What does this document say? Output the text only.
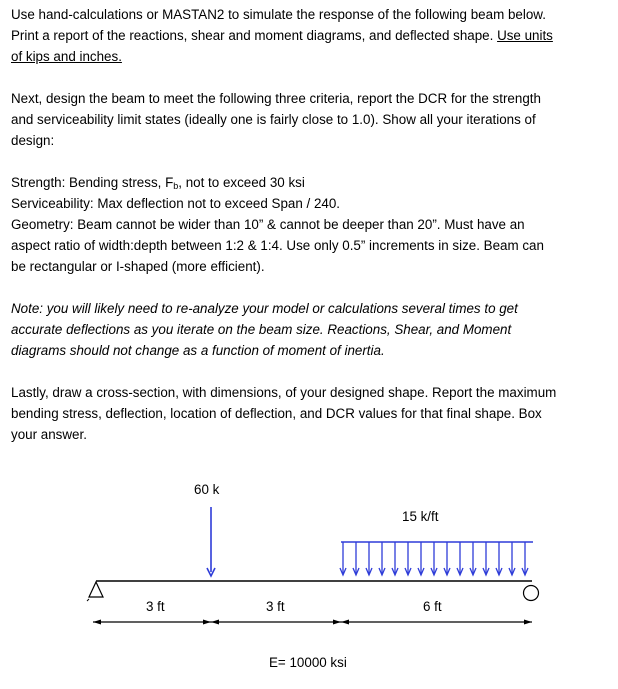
Use hand-calculations or MASTAN2 to simulate the response of the following beam below.

Print a report of the reactions, shear and moment diagrams, and deflected shape. Use units

of kips and inches.

Next, design the beam to meet the following three criteria, report the DCR for the strength

and serviceability limit states (ideally one is fairly close to 1.0). Show all your iterations of

design:

Strength: Bending stress, $F_b$, not to exceed 30 ksi

Serviceability: Max deflection not to exceed Span / 240.

Geometry: Beam cannot be wider than 10” & cannot be deeper than 20”. Must have an

aspect ratio of width:depth between 1:2 & 1:4. Use only 0.5” increments in size. Beam can

be rectangular or I-shaped (more efficient).

Note: you will likely need to re-analyze your model or calculations several times to get

accurate deflections as you iterate on the beam size. Reactions, Shear, and Moment

diagrams should not change as a function of moment of inertia.

Lastly, draw a cross-section, with dimensions, of your designed shape. Report the maximum

bending stress, deflection, location of deflection, and DCR values for that final shape. Box

your answer.

60 k
15 k/ft
3 ft	3 ft	6 ft
E= 10000 ksi
